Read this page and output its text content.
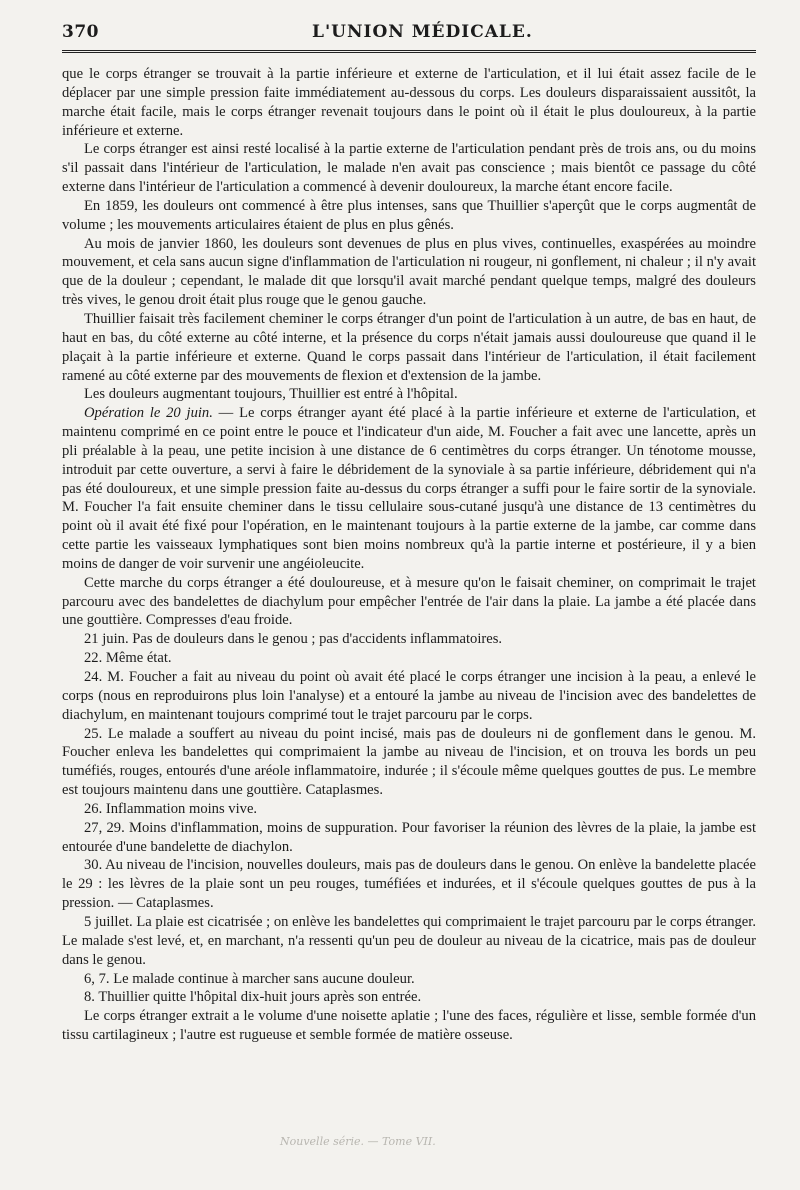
370	L'UNION MÉDICALE.

que le corps étranger se trouvait à la partie inférieure et externe de l'articulation, et il lui était assez facile de le déplacer par une simple pression faite immédiatement au-dessous du corps. Les douleurs disparaissaient aussitôt, la marche était facile, mais le corps étranger revenait toujours dans le point où il était le plus douloureux, à la partie inférieure et externe.

Le corps étranger est ainsi resté localisé à la partie externe de l'articulation pendant près de trois ans, ou du moins s'il passait dans l'intérieur de l'articulation, le malade n'en avait pas conscience ; mais bientôt ce passage du côté externe dans l'intérieur de l'articulation a commencé à devenir douloureux, la marche étant encore facile.

En 1859, les douleurs ont commencé à être plus intenses, sans que Thuillier s'aperçût que le corps augmentât de volume ; les mouvements articulaires étaient de plus en plus gênés.

Au mois de janvier 1860, les douleurs sont devenues de plus en plus vives, continuelles, exaspérées au moindre mouvement, et cela sans aucun signe d'inflammation de l'articulation ni rougeur, ni gonflement, ni chaleur ; il n'y avait que de la douleur ; cependant, le malade dit que lorsqu'il avait marché pendant quelque temps, malgré des douleurs très vives, le genou droit était plus rouge que le genou gauche.

Thuillier faisait très facilement cheminer le corps étranger d'un point de l'articulation à un autre, de bas en haut, de haut en bas, du côté externe au côté interne, et la présence du corps n'était jamais aussi douloureuse que quand il le plaçait à la partie inférieure et externe. Quand le corps passait dans l'intérieur de l'articulation, il était facilement ramené au côté externe par des mouvements de flexion et d'extension de la jambe.

Les douleurs augmentant toujours, Thuillier est entré à l'hôpital.

Opération le 20 juin. — Le corps étranger ayant été placé à la partie inférieure et externe de l'articulation, et maintenu comprimé en ce point entre le pouce et l'indicateur d'un aide, M. Foucher a fait avec une lancette, après un pli préalable à la peau, une petite incision à une distance de 6 centimètres du corps étranger. Un ténotome mousse, introduit par cette ouverture, a servi à faire le débridement de la synoviale à sa partie inférieure, débridement qui n'a pas été douloureux, et une simple pression faite au-dessus du corps étranger a suffi pour le faire sortir de la synoviale. M. Foucher l'a fait ensuite cheminer dans le tissu cellulaire sous-cutané jusqu'à une distance de 13 centimètres du point où il avait été fixé pour l'opération, en le maintenant toujours à la partie externe de la jambe, car comme dans cette partie les vaisseaux lymphatiques sont bien moins nombreux qu'à la partie interne et postérieure, il y a bien moins de danger de voir survenir une angéioleucite.

Cette marche du corps étranger a été douloureuse, et à mesure qu'on le faisait cheminer, on comprimait le trajet parcouru avec des bandelettes de diachylum pour empêcher l'entrée de l'air dans la plaie. La jambe a été placée dans une gouttière. Compresses d'eau froide.

21 juin. Pas de douleurs dans le genou ; pas d'accidents inflammatoires.

22. Même état.

24. M. Foucher a fait au niveau du point où avait été placé le corps étranger une incision à la peau, a enlevé le corps (nous en reproduirons plus loin l'analyse) et a entouré la jambe au niveau de l'incision avec des bandelettes de diachylum, en maintenant toujours comprimé tout le trajet parcouru par le corps.

25. Le malade a souffert au niveau du point incisé, mais pas de douleurs ni de gonflement dans le genou. M. Foucher enleva les bandelettes qui comprimaient la jambe au niveau de l'incision, et on trouva les bords un peu tuméfiés, rouges, entourés d'une aréole inflammatoire, indurée ; il s'écoule même quelques gouttes de pus. Le membre est toujours maintenu dans une gouttière. Cataplasmes.

26. Inflammation moins vive.

27, 29. Moins d'inflammation, moins de suppuration. Pour favoriser la réunion des lèvres de la plaie, la jambe est entourée d'une bandelette de diachylon.

30. Au niveau de l'incision, nouvelles douleurs, mais pas de douleurs dans le genou. On enlève la bandelette placée le 29 : les lèvres de la plaie sont un peu rouges, tuméfiées et indurées, et il s'écoule quelques gouttes de pus à la pression. — Cataplasmes.

5 juillet. La plaie est cicatrisée ; on enlève les bandelettes qui comprimaient le trajet parcouru par le corps étranger. Le malade s'est levé, et, en marchant, n'a ressenti qu'un peu de douleur au niveau de la cicatrice, mais pas de douleur dans le genou.

6, 7. Le malade continue à marcher sans aucune douleur.

8. Thuillier quitte l'hôpital dix-huit jours après son entrée.

Le corps étranger extrait a le volume d'une noisette aplatie ; l'une des faces, régulière et lisse, semble formée d'un tissu cartilagineux ; l'autre est rugueuse et semble formée de matière osseuse.

Nouvelle série. — Tome VII.
